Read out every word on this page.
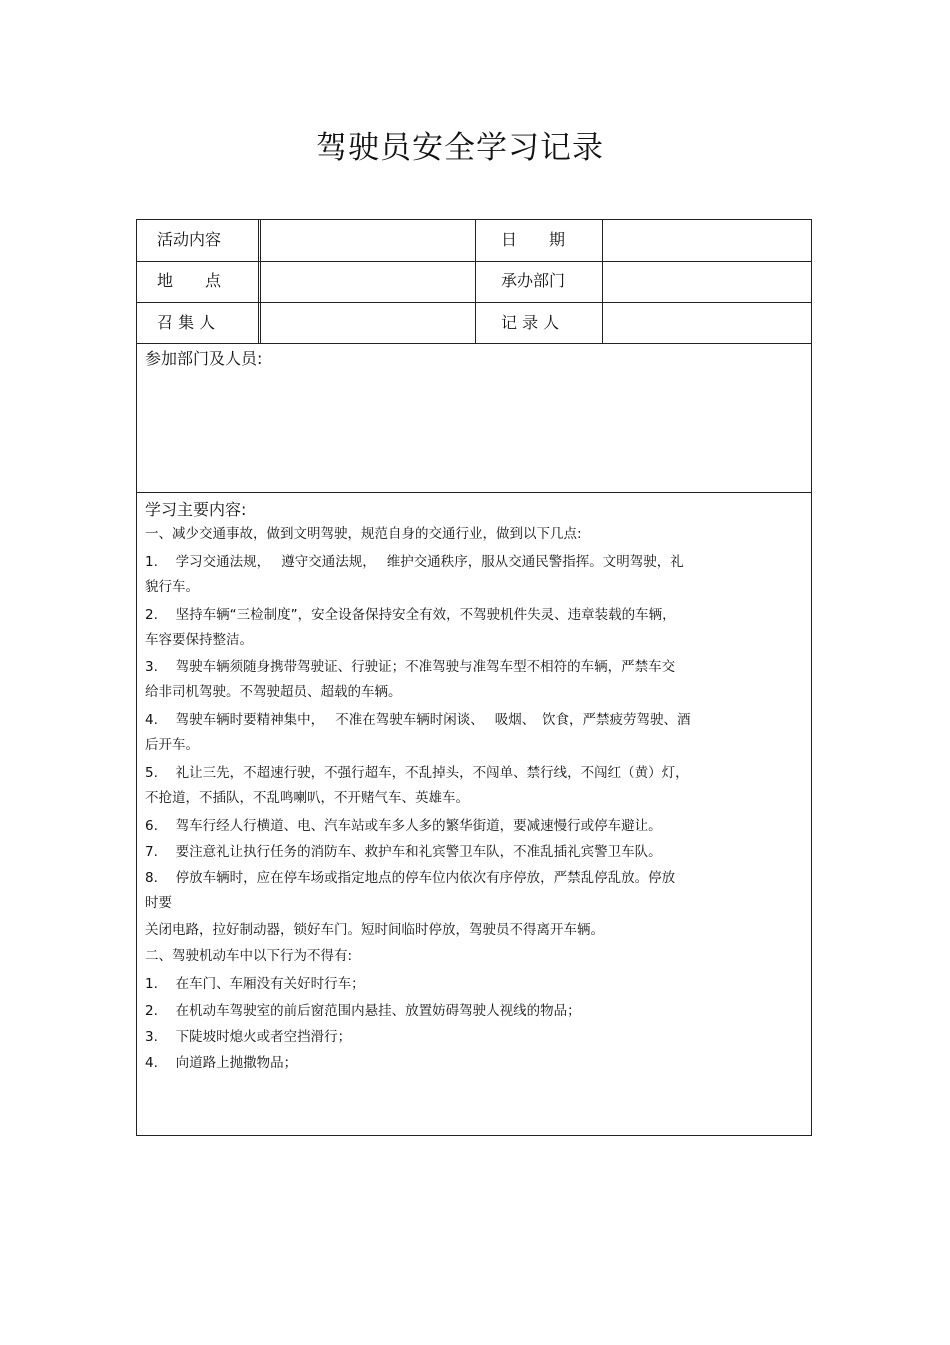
驾驶员安全学习记录
活动内容	日　　期
地　　点	承办部门
召 集 人	记 录 人
参加部门及人员:
学习主要内容:
一、减少交通事故，做到文明驾驶，规范自身的交通行业，做到以下几点:
1.　 学习交通法规，　 遵守交通法规，　 维护交通秩序，服从交通民警指挥。文明驾驶，礼
貌行车。
2.　 坚持车辆“三检制度”，安全设备保持安全有效，不驾驶机件失灵、违章装载的车辆，
车容要保持整洁。
3.　 驾驶车辆须随身携带驾驶证、行驶证；不准驾驶与准驾车型不相符的车辆，严禁车交
给非司机驾驶。不驾驶超员、超载的车辆。
4.　 驾驶车辆时要精神集中，　 不准在驾驶车辆时闲谈、　 吸烟、　饮食，严禁疲劳驾驶、酒
后开车。
5.　 礼让三先，不超速行驶，不强行超车，不乱掉头，不闯单、禁行线，不闯红（黄）灯，
不抢道，不插队，不乱鸣喇叭，不开赌气车、英雄车。
6.　 驾车行经人行横道、电、汽车站或车多人多的繁华街道，要减速慢行或停车避让。
7.　 要注意礼让执行任务的消防车、救护车和礼宾警卫车队，不准乱插礼宾警卫车队。
8.　 停放车辆时，应在停车场或指定地点的停车位内依次有序停放，严禁乱停乱放。停放
时要
关闭电路，拉好制动器，锁好车门。短时间临时停放，驾驶员不得离开车辆。
二、驾驶机动车中以下行为不得有:
1.　 在车门、车厢没有关好时行车；
2.　 在机动车驾驶室的前后窗范围内悬挂、放置妨碍驾驶人视线的物品；
3.　 下陡坡时熄火或者空挡滑行；
4.　 向道路上抛撒物品；
